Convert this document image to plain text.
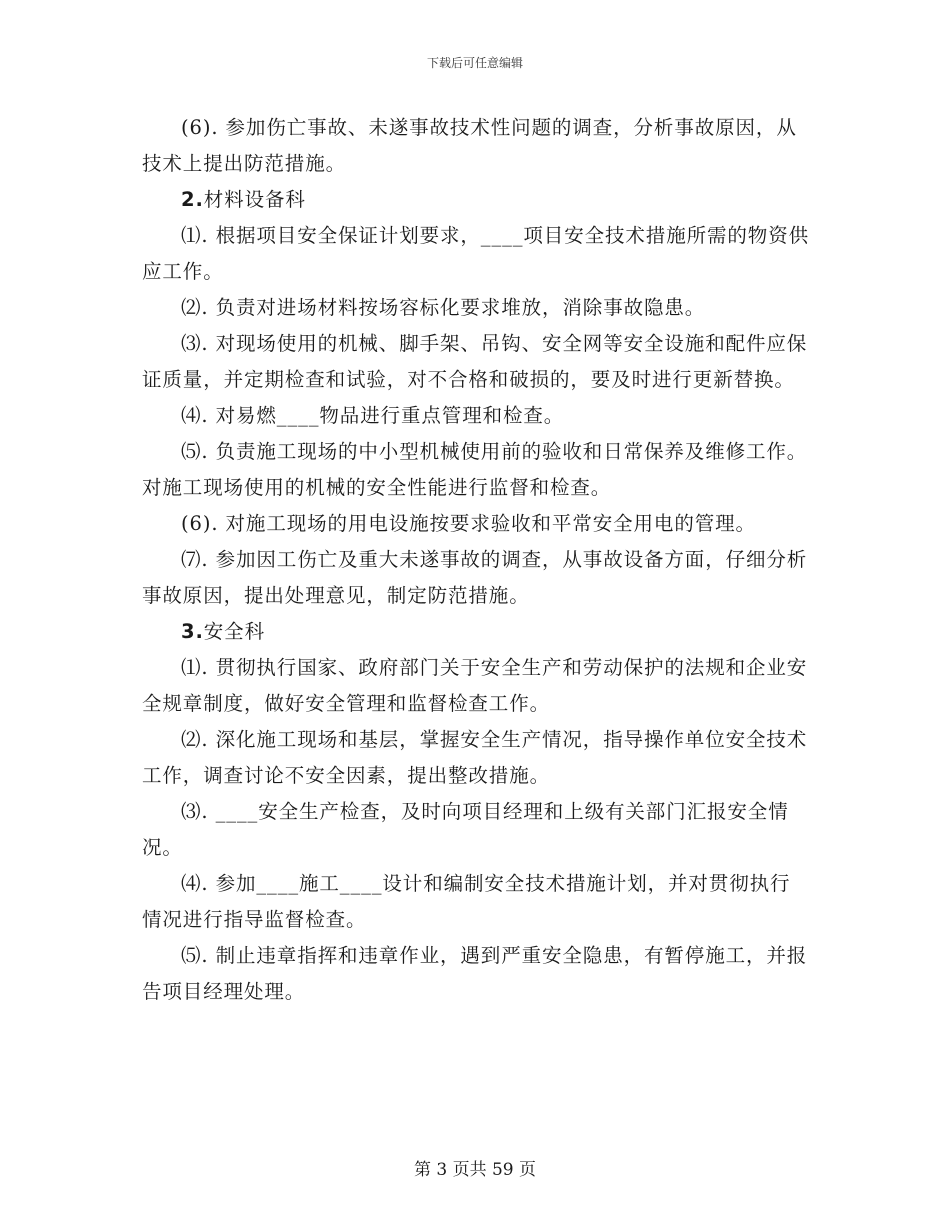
下载后可任意编辑

(6). 参加伤亡事故、未遂事故技术性问题的调查，分析事故原因，从技术上提出防范措施。

2.材料设备科

⑴. 根据项目安全保证计划要求，____项目安全技术措施所需的物资供应工作。

⑵. 负责对进场材料按场容标化要求堆放，消除事故隐患。

⑶. 对现场使用的机械、脚手架、吊钩、安全网等安全设施和配件应保证质量，并定期检查和试验，对不合格和破损的，要及时进行更新替换。

⑷. 对易燃____物品进行重点管理和检查。

⑸. 负责施工现场的中小型机械使用前的验收和日常保养及维修工作。对施工现场使用的机械的安全性能进行监督和检查。

(6). 对施工现场的用电设施按要求验收和平常安全用电的管理。

⑺. 参加因工伤亡及重大未遂事故的调查，从事故设备方面，仔细分析事故原因，提出处理意见，制定防范措施。

3.安全科

⑴. 贯彻执行国家、政府部门关于安全生产和劳动保护的法规和企业安全规章制度，做好安全管理和监督检查工作。

⑵. 深化施工现场和基层，掌握安全生产情况，指导操作单位安全技术工作，调查讨论不安全因素，提出整改措施。

⑶. ____安全生产检查，及时向项目经理和上级有关部门汇报安全情况。

⑷. 参加____施工____设计和编制安全技术措施计划，并对贯彻执行情况进行指导监督检查。

⑸. 制止违章指挥和违章作业，遇到严重安全隐患，有暂停施工，并报告项目经理处理。

第 3 页共 59 页
